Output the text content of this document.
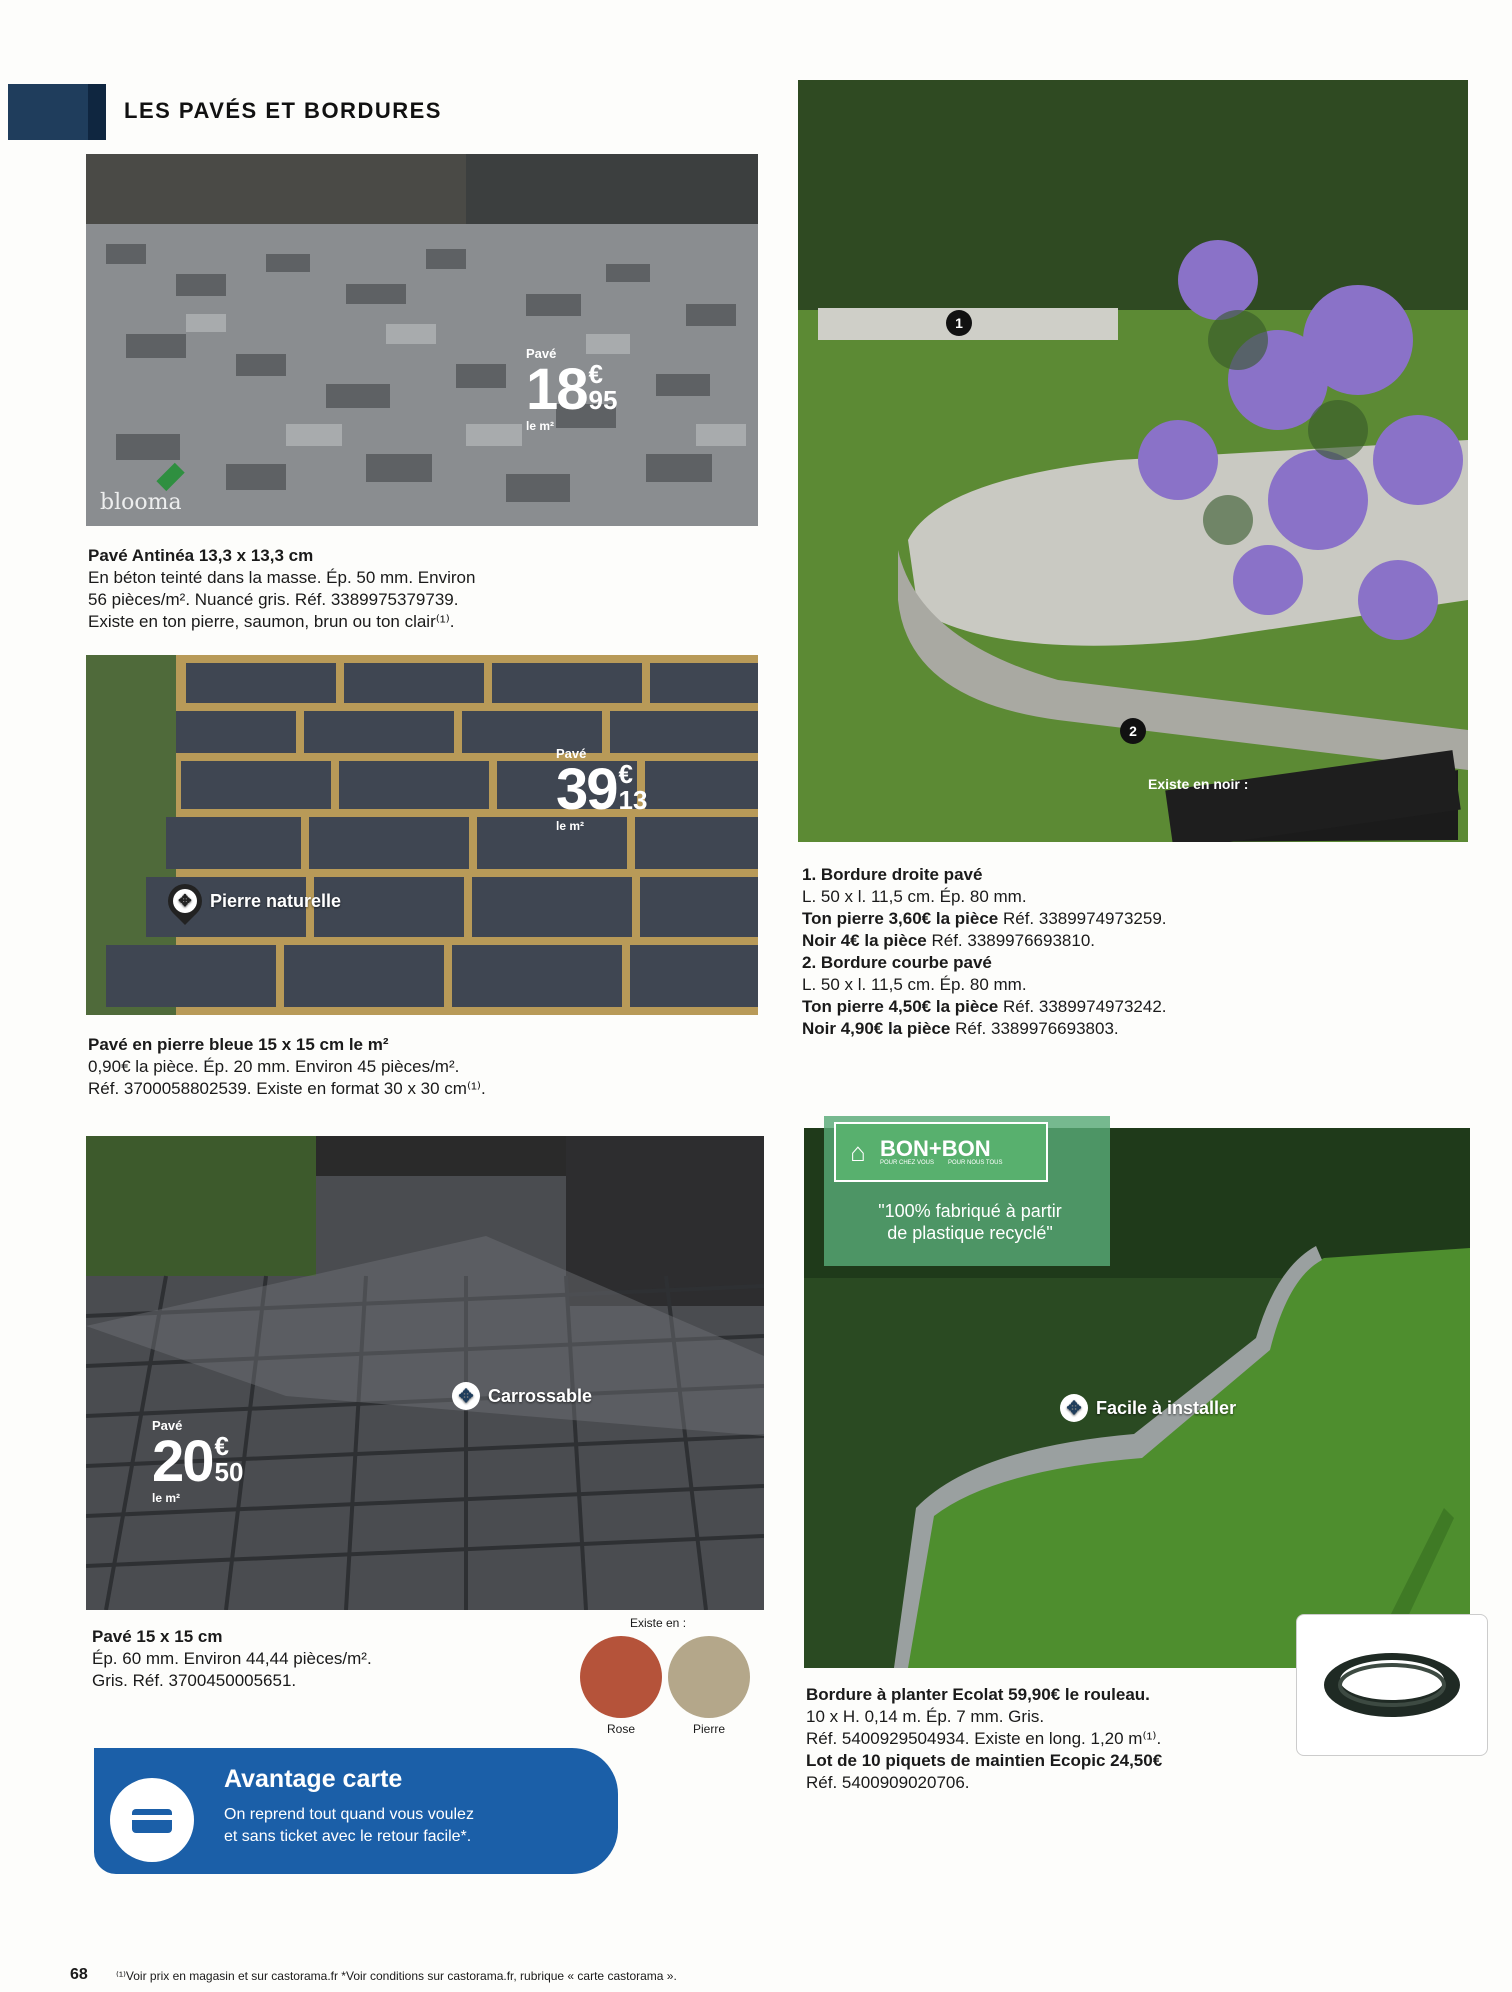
LES PAVÉS ET BORDURES
Pavé
18 €
95
le m²
blooma
Pavé Antinéa 13,3 x 13,3 cm
En béton teinté dans la masse. Ép. 50 mm. Environ
56 pièces/m². Nuancé gris. Réf. 3389975379739.
Existe en ton pierre, saumon, brun ou ton clair⁽¹⁾.
Pavé
39 €
13
le m²
✥ Pierre naturelle
Pavé en pierre bleue 15 x 15 cm le m²
0,90€ la pièce. Ép. 20 mm. Environ 45 pièces/m².
Réf. 3700058802539. Existe en format 30 x 30 cm⁽¹⁾.
✥ Carrossable
Pavé
20 €
50
le m²
Pavé 15 x 15 cm
Ép. 60 mm. Environ 44,44 pièces/m².
Gris. Réf. 3700450005651.
Existe en :
Rose	Pierre
1
2
Existe en noir :
1. Bordure droite pavé
L. 50 x l. 11,5 cm. Ép. 80 mm.
Ton pierre 3,60€ la pièce Réf. 3389974973259.
Noir 4€ la pièce Réf. 3389976693810.
2. Bordure courbe pavé
L. 50 x l. 11,5 cm. Ép. 80 mm.
Ton pierre 4,50€ la pièce Réf. 3389974973242.
Noir 4,90€ la pièce Réf. 3389976693803.
⌂ BON+BON
POUR CHEZ VOUS POUR NOUS TOUS
"100% fabriqué à partir
de plastique recyclé"
✥ Facile à installer
Bordure à planter Ecolat 59,90€ le rouleau.
10 x H. 0,14 m. Ép. 7 mm. Gris.
Réf. 5400929504934. Existe en long. 1,20 m⁽¹⁾.
Lot de 10 piquets de maintien Ecopic 24,50€
Réf. 5400909020706.
Avantage carte
On reprend tout quand vous voulez
et sans ticket avec le retour facile*.
68 ⁽¹⁾Voir prix en magasin et sur castorama.fr *Voir conditions sur castorama.fr, rubrique « carte castorama ».
